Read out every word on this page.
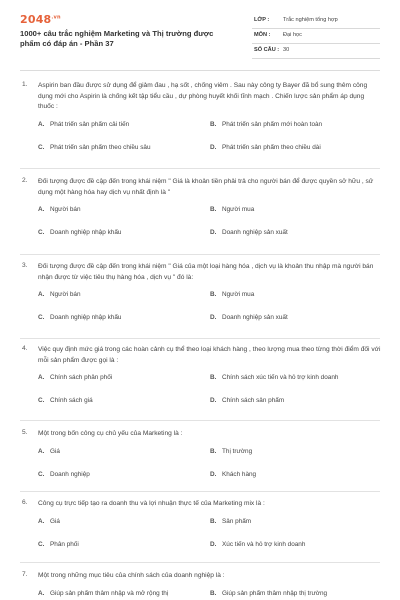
$2048^{.vn}$
1000+ câu trắc nghiệm Marketing và Thị trường được phẩm có đáp án - Phần 37
LỚP : Trắc nghiệm tổng hợp
MÔN : Đại học
SỐ CÂU : 30
1. Aspirin ban đầu được sử dụng để giảm đau , hạ sốt , chống viêm . Sau này công ty Bayer đã bổ sung thêm công dụng mới cho Aspirin là chống kết tập tiểu cầu , dự phòng huyết khối tĩnh mạch . Chiến lược sản phẩm áp dụng thuốc :
A. Phát triển sản phẩm cải tiến	B. Phát triển sản phẩm mới hoàn toàn
C. Phát triển sản phẩm theo chiều sâu	D. Phát triển sản phẩm theo chiều dài
2. Đối tượng được đề cập đến trong khái niệm " Giá là khoản tiền phải trả cho người bán để được quyền sở hữu , sử dụng một hàng hóa hay dịch vụ nhất định là "
A. Người bán	B. Người mua
C. Doanh nghiệp nhập khẩu	D. Doanh nghiệp sản xuất
3. Đối tượng được đề cập đến trong khái niệm " Giá của một loại hàng hóa , dịch vụ là khoản thu nhập mà người bán nhận được từ việc tiêu thụ hàng hóa , dịch vụ " đó là:
A. Người bán	B. Người mua
C. Doanh nghiệp nhập khẩu	D. Doanh nghiệp sản xuất
4. Việc quy định mức giá trong các hoàn cảnh cụ thể theo loại khách hàng , theo lượng mua theo từng thời điểm đối với mỗi sản phẩm được gọi là :
A. Chính sách phân phối	B. Chính sách xúc tiến và hỗ trợ kinh doanh
C. Chính sách giá	D. Chính sách sản phẩm
5. Một trong bốn công cụ chủ yếu của Marketing là :
A. Giá	B. Thị trường
C. Doanh nghiệp	D. Khách hàng
6. Công cụ trực tiếp tạo ra doanh thu và lợi nhuận thực tế của Marketing mix là :
A. Giá	B. Sản phẩm
C. Phân phối	D. Xúc tiến và hỗ trợ kinh doanh
7. Một trong những mục tiêu của chính sách của doanh nghiệp là :
A. Giúp sản phẩm thâm nhập và mở rộng thị	B. Giúp sản phẩm thâm nhập thị trường
